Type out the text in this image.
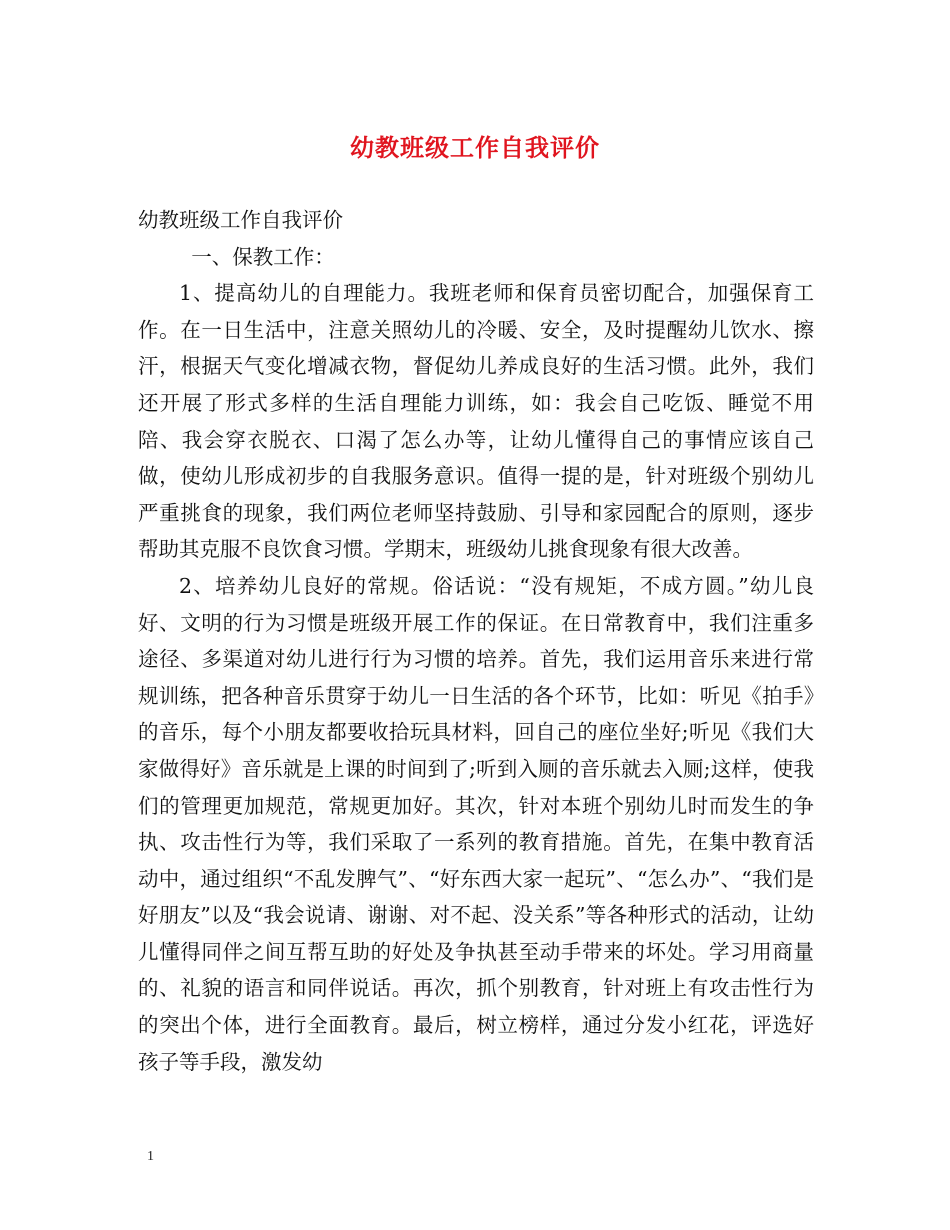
幼教班级工作自我评价

幼教班级工作自我评价

一、保教工作：

1、提高幼儿的自理能力。我班老师和保育员密切配合，加强保育工作。在一日生活中，注意关照幼儿的冷暖、安全，及时提醒幼儿饮水、擦汗，根据天气变化增减衣物，督促幼儿养成良好的生活习惯。此外，我们还开展了形式多样的生活自理能力训练，如：我会自己吃饭、睡觉不用陪、我会穿衣脱衣、口渴了怎么办等，让幼儿懂得自己的事情应该自己做，使幼儿形成初步的自我服务意识。值得一提的是，针对班级个别幼儿严重挑食的现象，我们两位老师坚持鼓励、引导和家园配合的原则，逐步帮助其克服不良饮食习惯。学期末，班级幼儿挑食现象有很大改善。

2、培养幼儿良好的常规。俗话说：“没有规矩，不成方圆。”幼儿良好、文明的行为习惯是班级开展工作的保证。在日常教育中，我们注重多途径、多渠道对幼儿进行行为习惯的培养。首先，我们运用音乐来进行常规训练，把各种音乐贯穿于幼儿一日生活的各个环节，比如：听见《拍手》的音乐，每个小朋友都要收拾玩具材料，回自己的座位坐好;听见《我们大家做得好》音乐就是上课的时间到了;听到入厕的音乐就去入厕;这样，使我们的管理更加规范，常规更加好。其次，针对本班个别幼儿时而发生的争执、攻击性行为等，我们采取了一系列的教育措施。首先，在集中教育活动中，通过组织“不乱发脾气”、“好东西大家一起玩”、“怎么办”、“我们是好朋友”以及“我会说请、谢谢、对不起、没关系”等各种形式的活动，让幼儿懂得同伴之间互帮互助的好处及争执甚至动手带来的坏处。学习用商量的、礼貌的语言和同伴说话。再次，抓个别教育，针对班上有攻击性行为的突出个体，进行全面教育。最后，树立榜样，通过分发小红花，评选好孩子等手段，激发幼

1
